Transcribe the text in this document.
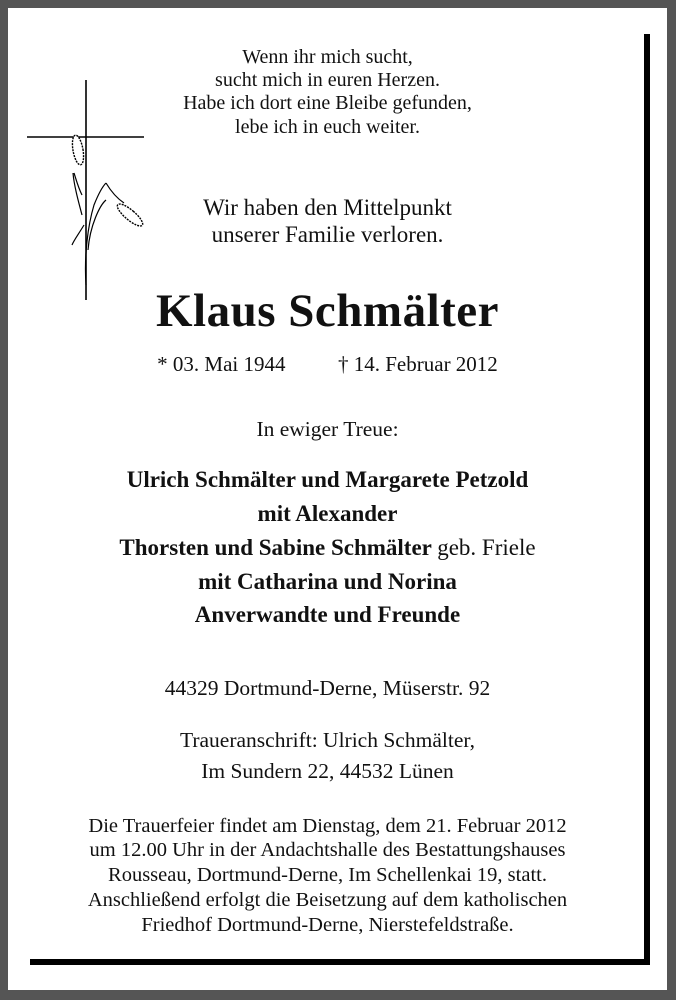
Wenn ihr mich sucht,
sucht mich in euren Herzen.
Habe ich dort eine Bleibe gefunden,
lebe ich in euch weiter.
Wir haben den Mittelpunkt
unserer Familie verloren.
Klaus Schmälter
* 03. Mai 1944	† 14. Februar 2012
In ewiger Treue:
Ulrich Schmälter und Margarete Petzold
mit Alexander
Thorsten und Sabine Schmälter geb. Friele
mit Catharina und Norina
Anverwandte und Freunde
44329 Dortmund-Derne, Müserstr. 92
Traueranschrift: Ulrich Schmälter,
Im Sundern 22, 44532 Lünen
Die Trauerfeier findet am Dienstag, dem 21. Februar 2012
um 12.00 Uhr in der Andachtshalle des Bestattungshauses
Rousseau, Dortmund-Derne, Im Schellenkai 19, statt.
Anschließend erfolgt die Beisetzung auf dem katholischen
Friedhof Dortmund-Derne, Nierstefeldstraße.
